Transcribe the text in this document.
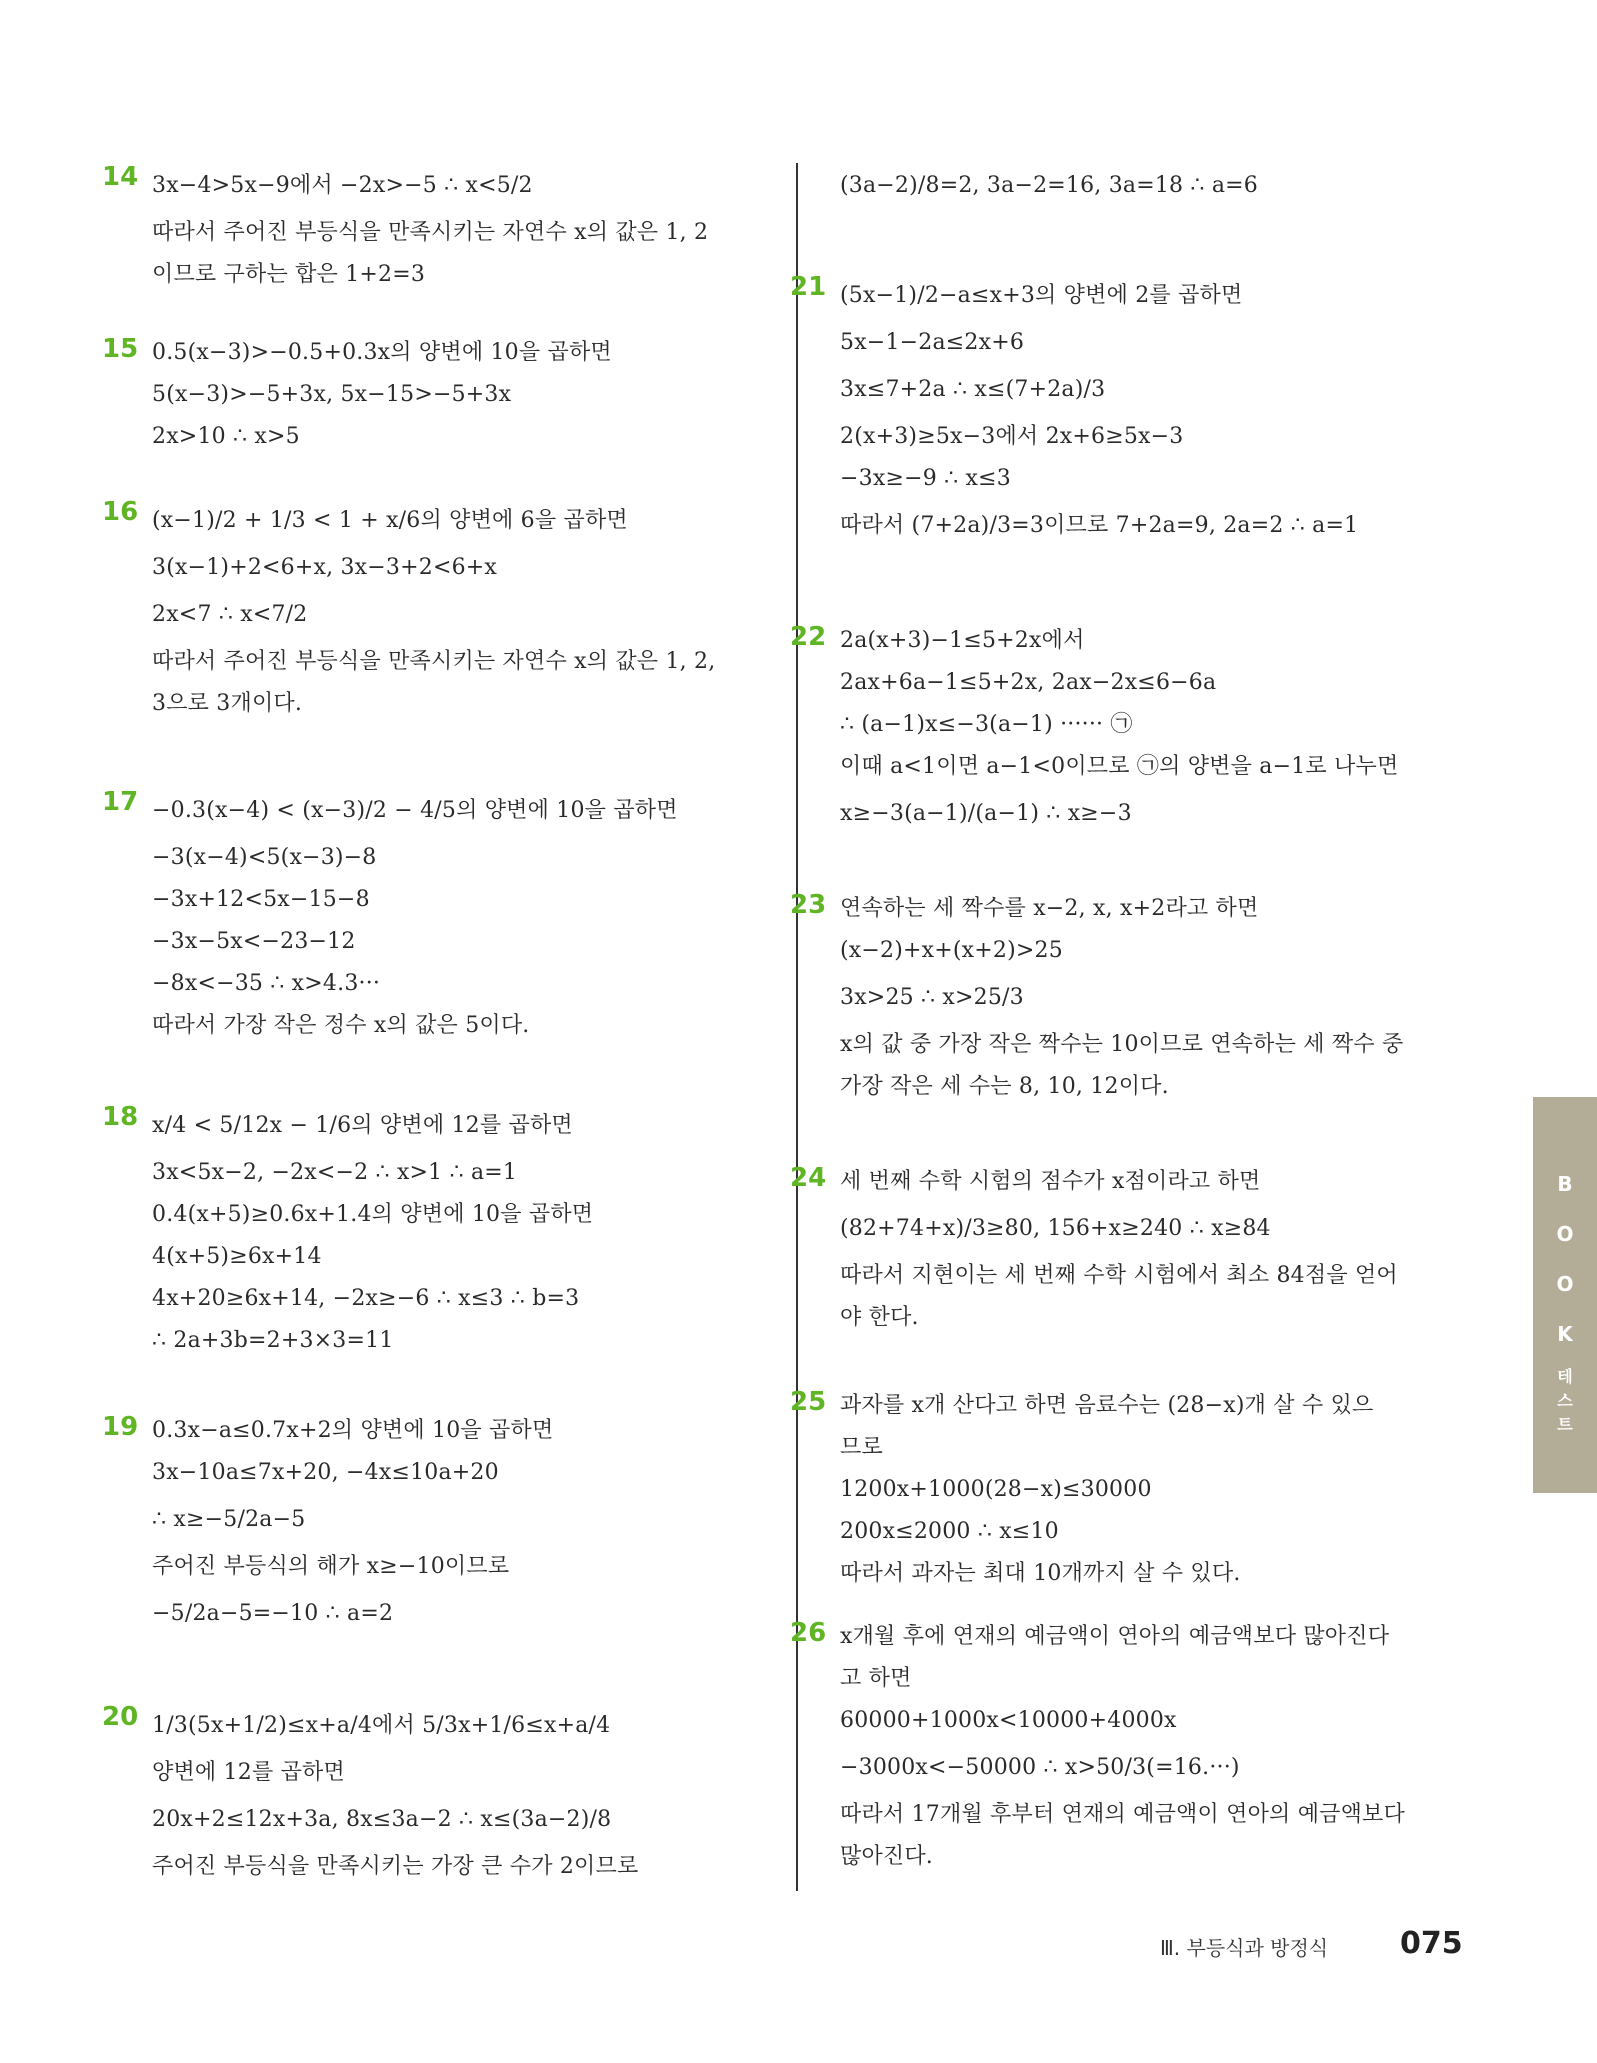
14 3x−4>5x−9에서 −2x>−5 ∴ x<5/2
따라서 주어진 부등식을 만족시키는 자연수 x의 값은 1, 2
이므로 구하는 합은 1+2=3
15 0.5(x−3)>−0.5+0.3x의 양변에 10을 곱하면
5(x−3)>−5+3x, 5x−15>−5+3x
2x>10 ∴ x>5
16 (x−1)/2 + 1/3 < 1 + x/6의 양변에 6을 곱하면
3(x−1)+2<6+x, 3x−3+2<6+x
2x<7 ∴ x<7/2
따라서 주어진 부등식을 만족시키는 자연수 x의 값은 1, 2,
3으로 3개이다.
17 −0.3(x−4) < (x−3)/2 − 4/5의 양변에 10을 곱하면
−3(x−4)<5(x−3)−8
−3x+12<5x−15−8
−3x−5x<−23−12
−8x<−35 ∴ x>4.3···
따라서 가장 작은 정수 x의 값은 5이다.
18 x/4 < 5/12x − 1/6의 양변에 12를 곱하면
3x<5x−2, −2x<−2 ∴ x>1 ∴ a=1
0.4(x+5)≥0.6x+1.4의 양변에 10을 곱하면
4(x+5)≥6x+14
4x+20≥6x+14, −2x≥−6 ∴ x≤3 ∴ b=3
∴ 2a+3b=2+3×3=11
19 0.3x−a≤0.7x+2의 양변에 10을 곱하면
3x−10a≤7x+20, −4x≤10a+20
∴ x≥−5/2a−5
주어진 부등식의 해가 x≥−10이므로
−5/2a−5=−10 ∴ a=2
20 1/3(5x+1/2)≤x+a/4에서 5/3x+1/6≤x+a/4
양변에 12를 곱하면
20x+2≤12x+3a, 8x≤3a−2 ∴ x≤(3a−2)/8
주어진 부등식을 만족시키는 가장 큰 수가 2이므로
(3a−2)/8=2, 3a−2=16, 3a=18 ∴ a=6
21 (5x−1)/2−a≤x+3의 양변에 2를 곱하면
5x−1−2a≤2x+6
3x≤7+2a ∴ x≤(7+2a)/3
2(x+3)≥5x−3에서 2x+6≥5x−3
−3x≥−9 ∴ x≤3
따라서 (7+2a)/3=3이므로 7+2a=9, 2a=2 ∴ a=1
22 2a(x+3)−1≤5+2x에서
2ax+6a−1≤5+2x, 2ax−2x≤6−6a
∴ (a−1)x≤−3(a−1) ······ ㉠
이때 a<1이면 a−1<0이므로 ㉠의 양변을 a−1로 나누면
x≥−3(a−1)/(a−1) ∴ x≥−3
23 연속하는 세 짝수를 x−2, x, x+2라고 하면
(x−2)+x+(x+2)>25
3x>25 ∴ x>25/3
x의 값 중 가장 작은 짝수는 10이므로 연속하는 세 짝수 중
가장 작은 세 수는 8, 10, 12이다.
24 세 번째 수학 시험의 점수가 x점이라고 하면
(82+74+x)/3≥80, 156+x≥240 ∴ x≥84
따라서 지현이는 세 번째 수학 시험에서 최소 84점을 얻어
야 한다.
25 과자를 x개 산다고 하면 음료수는 (28−x)개 살 수 있으
므로
1200x+1000(28−x)≤30000
200x≤2000 ∴ x≤10
따라서 과자는 최대 10개까지 살 수 있다.
26 x개월 후에 연재의 예금액이 연아의 예금액보다 많아진다
고 하면
60000+1000x<10000+4000x
−3000x<−50000 ∴ x>50/3(=16.···)
따라서 17개월 후부터 연재의 예금액이 연아의 예금액보다
많아진다.
B
O
O
K
테
스
트
Ⅲ. 부등식과 방정식 075
